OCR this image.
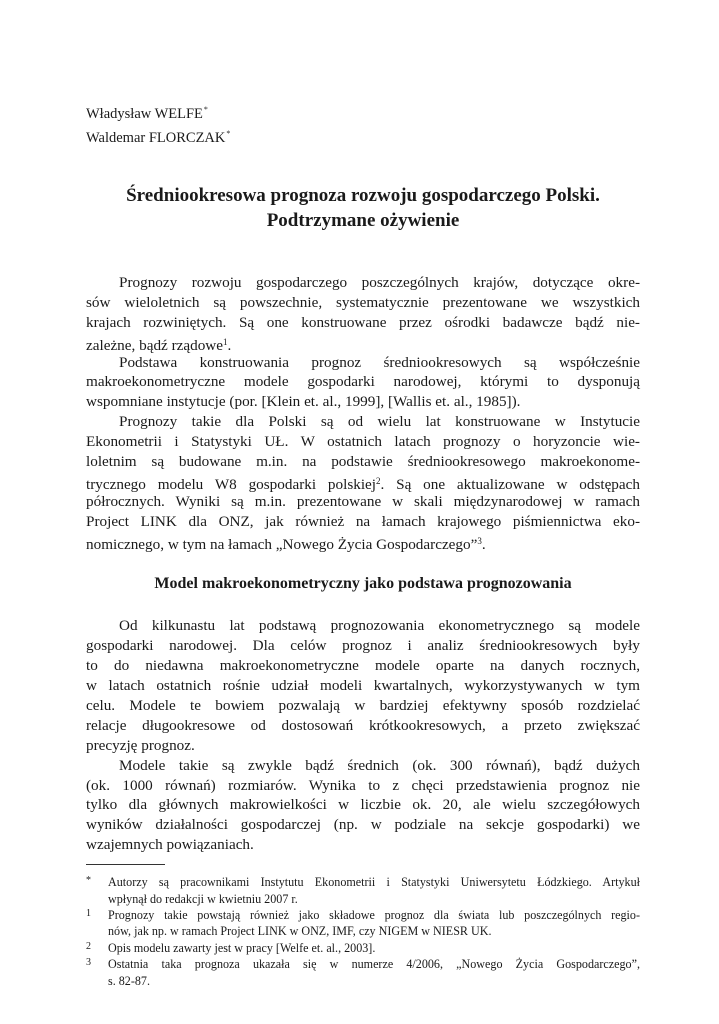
Władysław WELFE*
Waldemar FLORCZAK*
Średniookresowa prognoza rozwoju gospodarczego Polski.
Podtrzymane ożywienie
Prognozy rozwoju gospodarczego poszczególnych krajów, dotyczące okre-
sów wieloletnich są powszechnie, systematycznie prezentowane we wszystkich
krajach rozwiniętych. Są one konstruowane przez ośrodki badawcze bądź nie-
zależne, bądź rządowe$^1$.
Podstawa konstruowania prognoz średniookresowych są współcześnie
makroekonometryczne modele gospodarki narodowej, którymi to dysponują
wspomniane instytucje (por. [Klein et. al., 1999], [Wallis et. al., 1985]).
Prognozy takie dla Polski są od wielu lat konstruowane w Instytucie
Ekonometrii i Statystyki UŁ. W ostatnich latach prognozy o horyzoncie wie-
loletnim są budowane m.in. na podstawie średniookresowego makroekonome-
trycznego modelu W8 gospodarki polskiej$^2$. Są one aktualizowane w odstępach
półrocznych. Wyniki są m.in. prezentowane w skali międzynarodowej w ramach
Project LINK dla ONZ, jak również na łamach krajowego piśmiennictwa eko-
nomicznego, w tym na łamach „Nowego Życia Gospodarczego”$^3$.
Model makroekonometryczny jako podstawa prognozowania
Od kilkunastu lat podstawą prognozowania ekonometrycznego są modele
gospodarki narodowej. Dla celów prognoz i analiz średniookresowych były
to do niedawna makroekonometryczne modele oparte na danych rocznych,
w latach ostatnich rośnie udział modeli kwartalnych, wykorzystywanych w tym
celu. Modele te bowiem pozwalają w bardziej efektywny sposób rozdzielać
relacje długookresowe od dostosowań krótkookresowych, a przeto zwiększać
precyzję prognoz.
Modele takie są zwykle bądź średnich (ok. 300 równań), bądź dużych
(ok. 1000 równań) rozmiarów. Wynika to z chęci przedstawienia prognoz nie
tylko dla głównych makrowielkości w liczbie ok. 20, ale wielu szczegółowych
wyników działalności gospodarczej (np. w podziale na sekcje gospodarki) we
wzajemnych powiązaniach.
* Autorzy są pracownikami Instytutu Ekonometrii i Statystyki Uniwersytetu Łódzkiego. Artykuł
wpłynął do redakcji w kwietniu 2007 r.
1 Prognozy takie powstają również jako składowe prognoz dla świata lub poszczególnych regio-
nów, jak np. w ramach Project LINK w ONZ, IMF, czy NIGEM w NIESR UK.
2 Opis modelu zawarty jest w pracy [Welfe et. al., 2003].
3 Ostatnia taka prognoza ukazała się w numerze 4/2006, „Nowego Życia Gospodarczego”,
s. 82-87.
